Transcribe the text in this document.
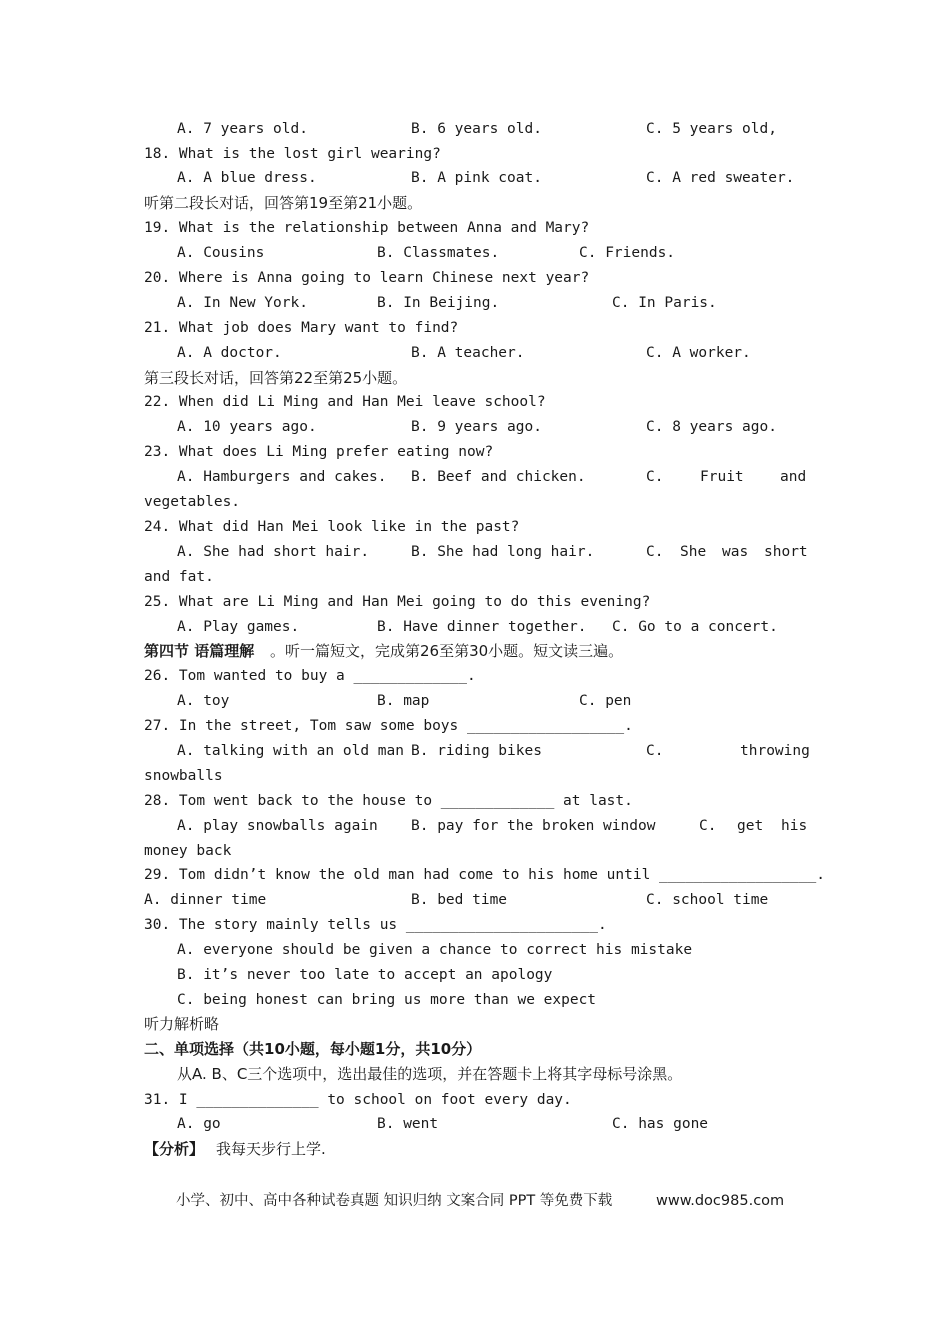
A. 7 years old.

	B. 6 years old.

	C. 5 years old,

18. What is the lost girl wearing?

A. A blue dress.

	B. A pink coat.

	C. A red sweater.

听第二段长对话，回答第19至第21小题。

19. What is the relationship between Anna and Mary?

A. Cousins

	B. Classmates.

	C. Friends.

20. Where is Anna going to learn Chinese next year?

A. In New York.

	B. In Beijing.

	C. In Paris.

21. What job does Mary want to find?

A. A doctor.

	B. A teacher.

	C. A worker.

第三段长对话，回答第22至第25小题。

22. When did Li Ming and Han Mei leave school?

A. 10 years ago.

	B. 9 years ago.

	C. 8 years ago.

23. What does Li Ming prefer eating now?

A. Hamburgers and cakes.

B. Beef and chicken.

	C.

	Fruit

	and

vegetables.

24. What did Han Mei look like in the past?

A. She had short hair.

	B. She had long hair.

	C.

She

was

short

and fat.

25. What are Li Ming and Han Mei going to do this evening?

A. Play games.

	B. Have dinner together.

C. Go to a concert.

第四节 语篇理解

。听一篇短文，完成第26至第30小题。短文读三遍。

26. Tom wanted to buy a _____________.

A. toy

	B. map

	C. pen

27. In the street, Tom saw some boys __________________.

A. talking with an old man

B. riding bikes

	C.

	throwing

snowballs

28. Tom went back to the house to _____________ at last.

A. play snowballs again

B. pay for the broken window

	C.

get

his

money back

29. Tom didn’t know the old man had come to his home until __________________.

A. dinner time

	B. bed time

	C. school time

30. The story mainly tells us ______________________.

A. everyone should be given a chance to correct his mistake

B. it’s never too late to accept an apology

C. being honest can bring us more than we expect

听力解析略

二、单项选择（共10小题，每小题1分，共10分）

从A. B、C三个选项中，选出最佳的选项，并在答题卡上将其字母标号涂黑。

31. I ______________ to school on foot every day.

A. go

	B. went

	C. has gone

【分析】

我每天步行上学.

小学、初中、高中各种试卷真题 知识归纳 文案合同 PPT 等免费下载	www.doc985.com
